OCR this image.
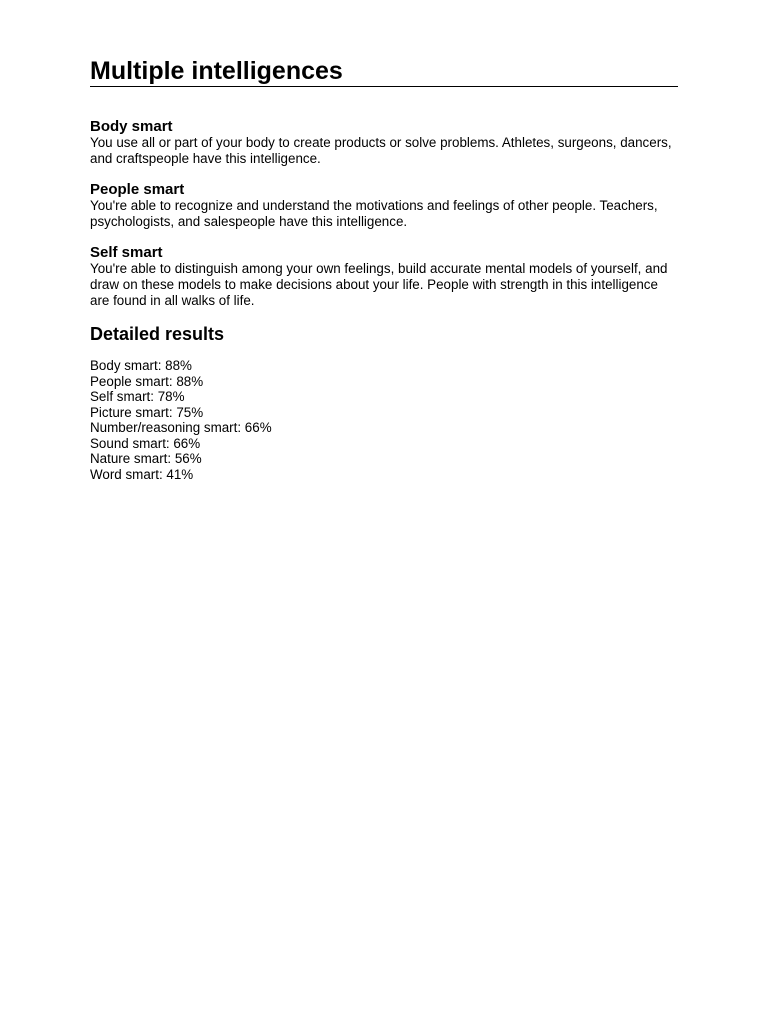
Multiple intelligences
Body smart

You use all or part of your body to create products or solve problems. Athletes, surgeons, dancers, and craftspeople have this intelligence.

People smart

You're able to recognize and understand the motivations and feelings of other people. Teachers, psychologists, and salespeople have this intelligence.

Self smart

You're able to distinguish among your own feelings, build accurate mental models of yourself, and draw on these models to make decisions about your life. People with strength in this intelligence are found in all walks of life.

Detailed results
Body smart: 88%
People smart: 88%
Self smart: 78%
Picture smart: 75%
Number/reasoning smart: 66%
Sound smart: 66%
Nature smart: 56%
Word smart: 41%
